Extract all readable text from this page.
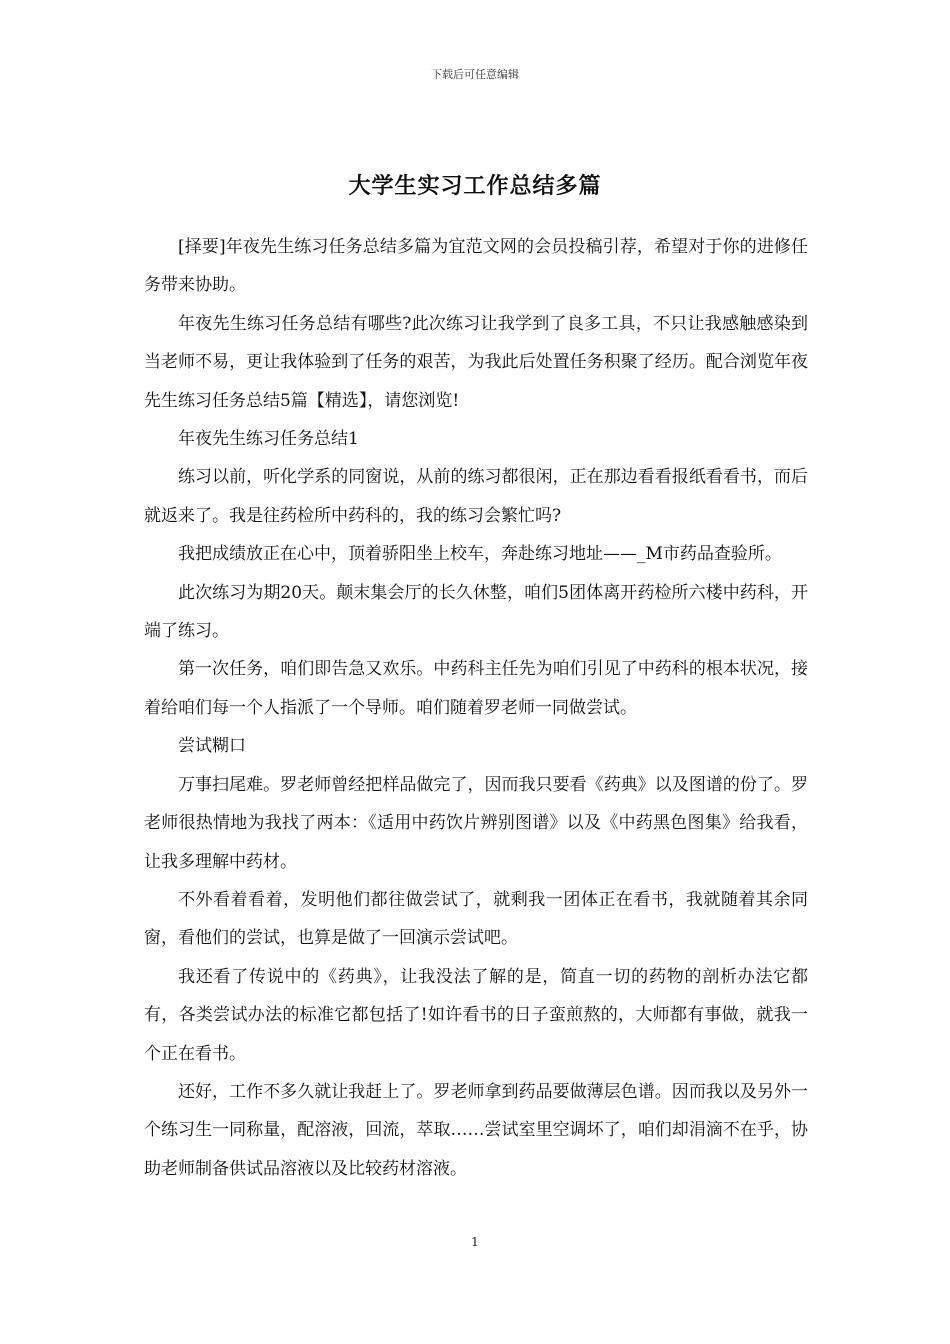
下载后可任意编辑
大学生实习工作总结多篇

[择要]年夜先生练习任务总结多篇为宜范文网的会员投稿引荐，希望对于你的进修任务带来协助。

年夜先生练习任务总结有哪些?此次练习让我学到了良多工具，不只让我感触感染到当老师不易，更让我体验到了任务的艰苦，为我此后处置任务积聚了经历。配合浏览年夜先生练习任务总结5篇【精选】，请您浏览!

年夜先生练习任务总结1

练习以前，听化学系的同窗说，从前的练习都很闲，正在那边看看报纸看看书，而后就返来了。我是往药检所中药科的，我的练习会繁忙吗?

我把成绩放正在心中，顶着骄阳坐上校车，奔赴练习地址——_M市药品查验所。

此次练习为期20天。颠末集会厅的长久休整，咱们5团体离开药检所六楼中药科，开端了练习。

第一次任务，咱们即告急又欢乐。中药科主任先为咱们引见了中药科的根本状况，接着给咱们每一个人指派了一个导师。咱们随着罗老师一同做尝试。

尝试糊口

万事扫尾难。罗老师曾经把样品做完了，因而我只要看《药典》以及图谱的份了。罗老师很热情地为我找了两本：《适用中药饮片辨别图谱》以及《中药黑色图集》给我看，让我多理解中药材。

不外看着看着，发明他们都往做尝试了，就剩我一团体正在看书，我就随着其余同窗，看他们的尝试，也算是做了一回演示尝试吧。

我还看了传说中的《药典》，让我没法了解的是，简直一切的药物的剖析办法它都有，各类尝试办法的标准它都包括了!如许看书的日子蛮煎熬的，大师都有事做，就我一个正在看书。

还好，工作不多久就让我赶上了。罗老师拿到药品要做薄层色谱。因而我以及另外一个练习生一同称量，配溶液，回流，萃取……尝试室里空调坏了，咱们却涓滴不在乎，协助老师制备供试品溶液以及比较药材溶液。

1
